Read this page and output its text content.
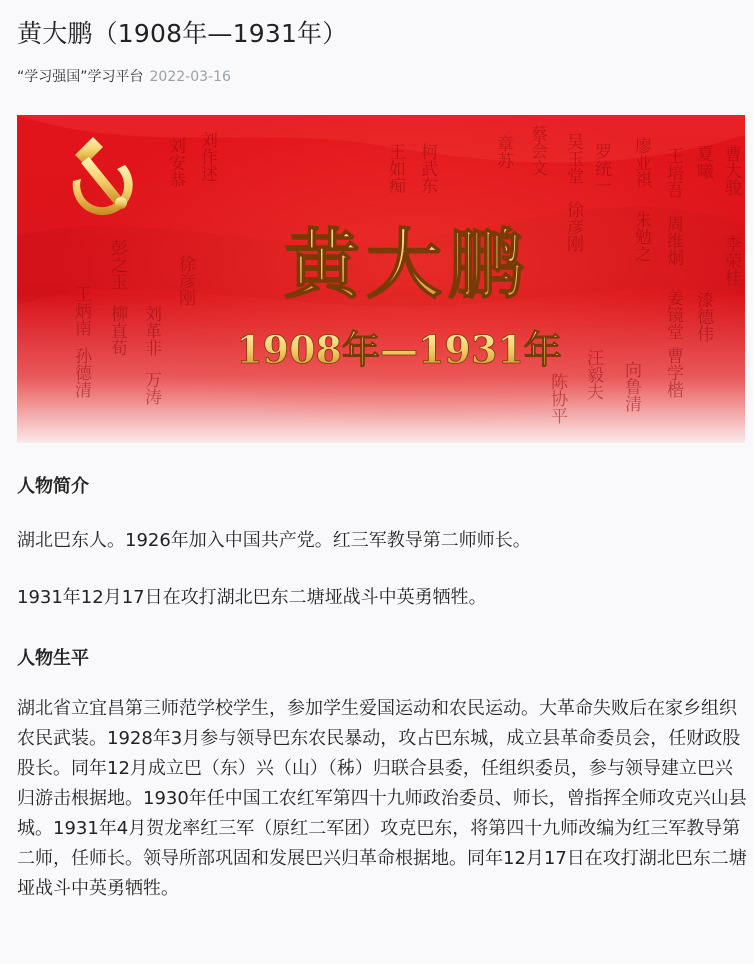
黄大鹏（1908年—1931年）
“学习强国”学习平台 2022-03-16
刘安恭 刘作述	王如痴 柯武东	章苏 蔡会文 吴玉堂 罗统一 廖业祺 王培吾 夏曦 曹大骏
李荣桂
彭之玉
柳直荀
徐彦刚
王炳南
孙德清
刘革非
万涛
徐彦刚	朱勉之 周维炯
汪毅夫 向鲁清
陈协平
姜镜堂
曹学楷
漆德伟
黄大鹏
1908年—1931年
人物简介

湖北巴东人。1926年加入中国共产党。红三军教导第二师师长。

1931年12月17日在攻打湖北巴东二塘垭战斗中英勇牺牲。

人物生平

湖北省立宜昌第三师范学校学生，参加学生爱国运动和农民运动。大革命失败后在家乡组织农民武装。1928年3月参与领导巴东农民暴动，攻占巴东城，成立县革命委员会，任财政股股长。同年12月成立巴（东）兴（山）（秭）归联合县委，任组织委员，参与领导建立巴兴归游击根据地。1930年任中国工农红军第四十九师政治委员、师长，曾指挥全师攻克兴山县城。1931年4月贺龙率红三军（原红二军团）攻克巴东，将第四十九师改编为红三军教导第二师，任师长。领导所部巩固和发展巴兴归革命根据地。同年12月17日在攻打湖北巴东二塘垭战斗中英勇牺牲。
